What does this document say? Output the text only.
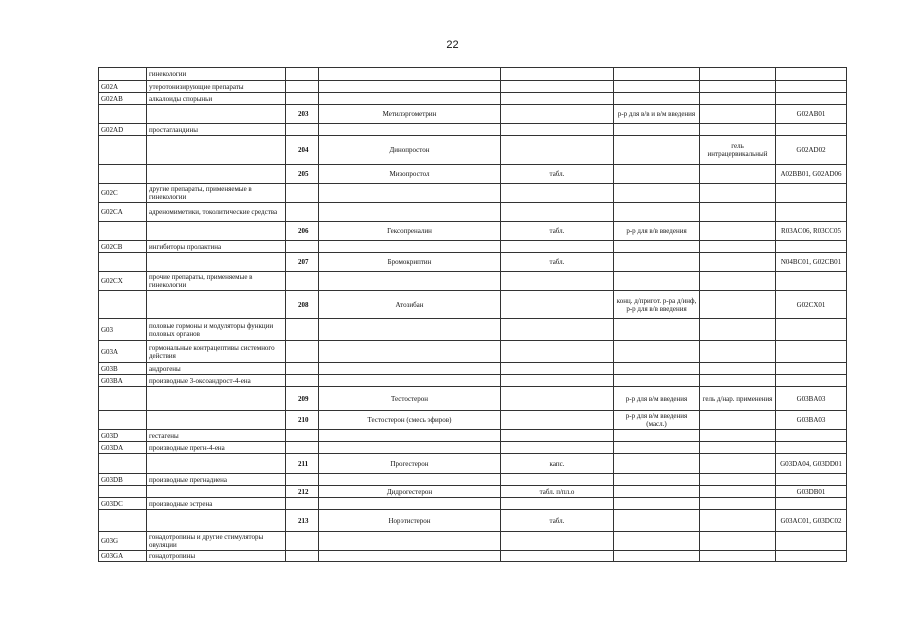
22
	гинекологии						
G02A	утеротонизирующие препараты						
G02AB	алкалоиды спорыньи						
		203	Метилэргометрин		р-р для в/в и в/м введения		G02AB01
G02AD	простагландины						
		204	Динопростон			гель интрацервикальный	G02AD02
		205	Мизопростол	табл.			A02BB01, G02AD06
G02C	другие препараты, применяемые в гинекологии						
G02CA	адреномиметики, токолитические средства						
		206	Гексопреналин	табл.	р-р для в/в введения		R03AC06, R03CC05
G02CB	ингибиторы пролактина						
		207	Бромокриптин	табл.			N04BC01, G02CB01
G02CX	прочие препараты, применяемые в гинекологии						
		208	Атозибан		конц. д/пригот. р-ра д/инф, р-р для в/в введения		G02CX01
G03	половые гормоны и модуляторы функции половых органов						
G03A	гормональные контрацептивы системного действия						
G03B	андрогены						
G03BA	производные 3-оксоандрост-4-ена						
		209	Тестостерон		р-р для в/м введения	гель д/нар. применения	G03BA03
		210	Тестостерон (смесь эфиров)		р-р для в/м введения (масл.)		G03BA03
G03D	гестагены						
G03DA	производные прегн-4-ена						
		211	Прогестерон	капс.			G03DA04, G03DD01
G03DB	производные прегнадиена						
		212	Дидрогестерон	табл. п/пл.о			G03DB01
G03DC	производные эстрена						
		213	Норэтистерон	табл.			G03AC01, G03DC02
G03G	гонадотропины и другие стимуляторы овуляции						
G03GA	гонадотропины						
